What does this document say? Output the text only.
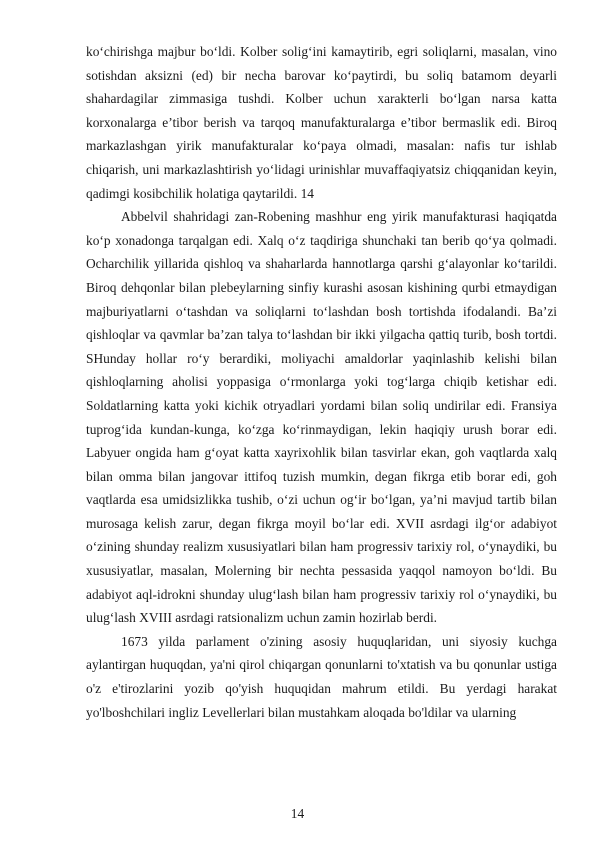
ko‘chirishga majbur bo‘ldi. Kolber solig‘ini kamaytirib, egri soliqlarni, masalan, vino sotishdan aksizni (ed) bir necha barovar ko‘paytirdi, bu soliq batamom deyarli shahardagilar zimmasiga tushdi. Kolber uchun xarakterli bo‘lgan narsa katta korxonalarga e’tibor berish va tarqoq manufakturalarga e’tibor bermaslik edi. Biroq markazlashgan yirik manufakturalar ko‘paya olmadi, masalan: nafis tur ishlab chiqarish, uni markazlashtirish yo‘lidagi urinishlar muvaffaqiyatsiz chiqqanidan keyin, qadimgi kosibchilik holatiga qaytarildi. 14

Abbelvil shahridagi zan-Robening mashhur eng yirik manufakturasi haqiqatda ko‘p xonadonga tarqalgan edi. Xalq o‘z taqdiriga shunchaki tan berib qo‘ya qolmadi. Ocharchilik yillarida qishloq va shaharlarda hannotlarga qarshi g‘alayonlar ko‘tarildi. Biroq dehqonlar bilan plebeylarning sinfiy kurashi asosan kishining qurbi etmaydigan majburiyatlarni o‘tashdan va soliqlarni to‘lashdan bosh tortishda ifodalandi. Ba’zi qishloqlar va qavmlar ba’zan talya to‘lashdan bir ikki yilgacha qattiq turib, bosh tortdi. SHunday hollar ro‘y berardiki, moliyachi amaldorlar yaqinlashib kelishi bilan qishloqlarning aholisi yoppasiga o‘rmonlarga yoki tog‘larga chiqib ketishar edi. Soldatlarning katta yoki kichik otryadlari yordami bilan soliq undirilar edi. Fransiya tuprog‘ida kundan-kunga, ko‘zga ko‘rinmaydigan, lekin haqiqiy urush borar edi. Labyuer ongida ham g‘oyat katta xayrixohlik bilan tasvirlar ekan, goh vaqtlarda xalq bilan omma bilan jangovar ittifoq tuzish mumkin, degan fikrga etib borar edi, goh vaqtlarda esa umidsizlikka tushib, o‘zi uchun og‘ir bo‘lgan, ya’ni mavjud tartib bilan murosaga kelish zarur, degan fikrga moyil bo‘lar edi. XVII asrdagi ilg‘or adabiyot o‘zining shunday realizm xususiyatlari bilan ham progressiv tarixiy rol, o‘ynaydiki, bu xususiyatlar, masalan, Molerning bir nechta pessasida yaqqol namoyon bo‘ldi. Bu adabiyot aql-idrokni shunday ulug‘lash bilan ham progressiv tarixiy rol o‘ynaydiki, bu ulug‘lash XVIII asrdagi ratsionalizm uchun zamin hozirlab berdi.

1673 yilda parlament o'zining asosiy huquqlaridan, uni siyosiy kuchga aylantirgan huquqdan, ya'ni qirol chiqargan qonunlarni to'xtatish va bu qonunlar ustiga o'z e'tirozlarini yozib qo'yish huquqidan mahrum etildi. Bu yerdagi harakat yo'lboshchilari ingliz Levellerlari bilan mustahkam aloqada bo'ldilar va ularning

14
